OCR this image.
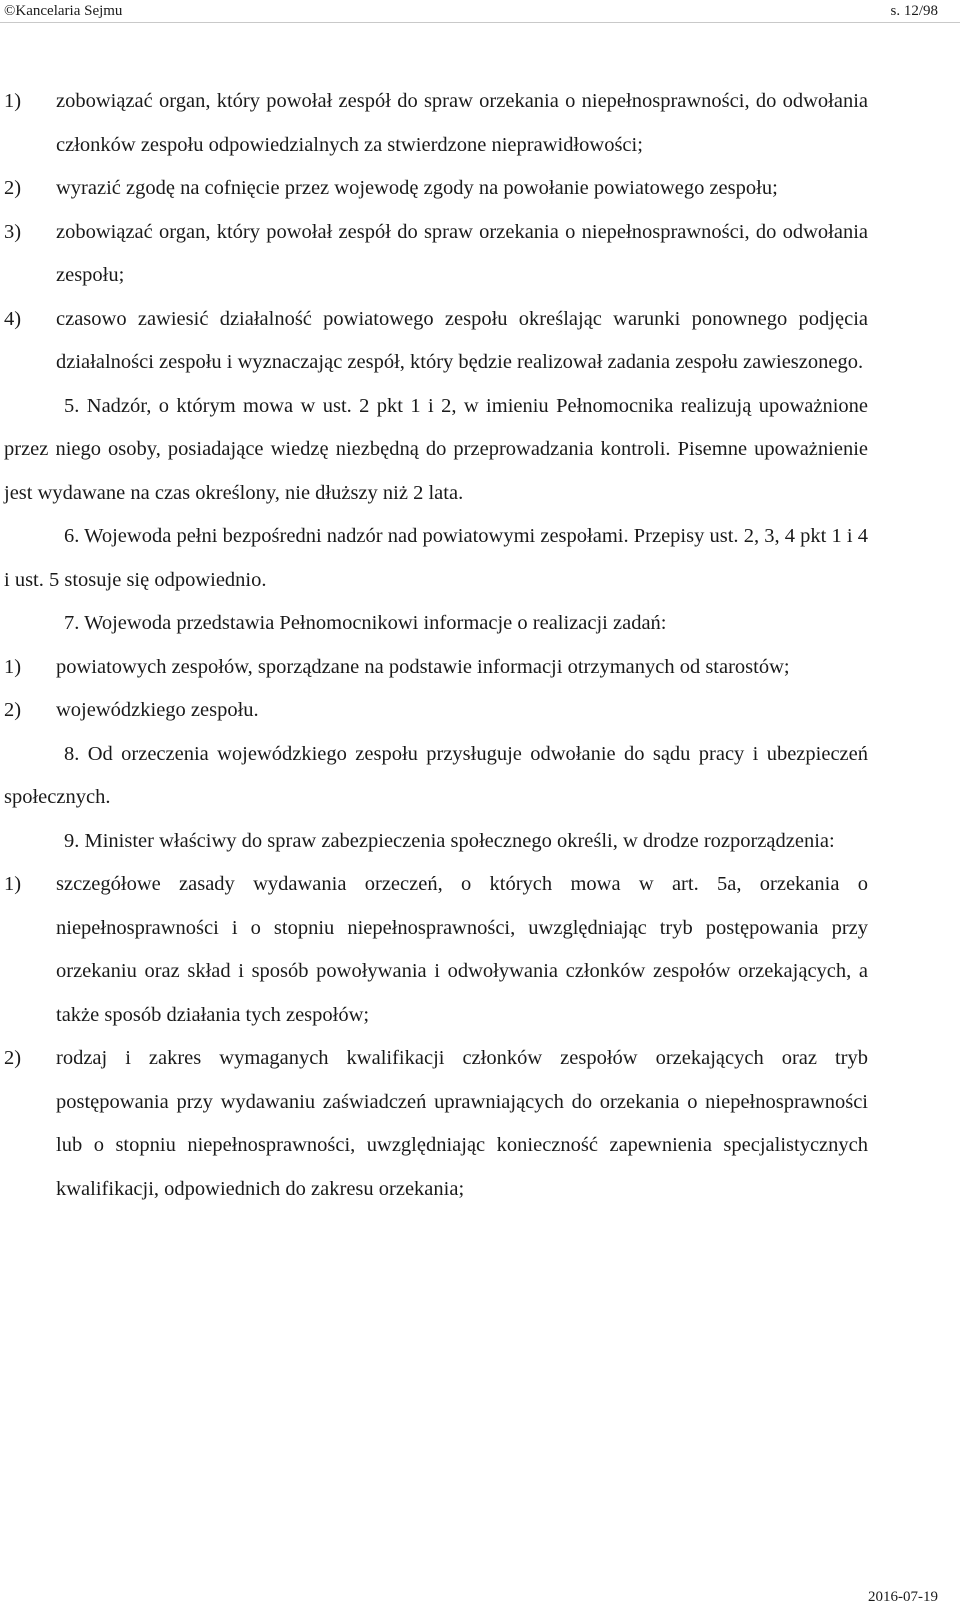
©Kancelaria Sejmu	s. 12/98
1) zobowiązać organ, który powołał zespół do spraw orzekania o niepełnosprawności, do odwołania członków zespołu odpowiedzialnych za stwierdzone nieprawidłowości;
2) wyrazić zgodę na cofnięcie przez wojewodę zgody na powołanie powiatowego zespołu;
3) zobowiązać organ, który powołał zespół do spraw orzekania o niepełnosprawności, do odwołania zespołu;
4) czasowo zawiesić działalność powiatowego zespołu określając warunki ponownego podjęcia działalności zespołu i wyznaczając zespół, który będzie realizował zadania zespołu zawieszonego.
5. Nadzór, o którym mowa w ust. 2 pkt 1 i 2, w imieniu Pełnomocnika realizują upoważnione przez niego osoby, posiadające wiedzę niezbędną do przeprowadzania kontroli. Pisemne upoważnienie jest wydawane na czas określony, nie dłuższy niż 2 lata.
6. Wojewoda pełni bezpośredni nadzór nad powiatowymi zespołami. Przepisy ust. 2, 3, 4 pkt 1 i 4 i ust. 5 stosuje się odpowiednio.
7. Wojewoda przedstawia Pełnomocnikowi informacje o realizacji zadań:
1) powiatowych zespołów, sporządzane na podstawie informacji otrzymanych od starostów;
2) wojewódzkiego zespołu.
8. Od orzeczenia wojewódzkiego zespołu przysługuje odwołanie do sądu pracy i ubezpieczeń społecznych.
9. Minister właściwy do spraw zabezpieczenia społecznego określi, w drodze rozporządzenia:
1) szczegółowe zasady wydawania orzeczeń, o których mowa w art. 5a, orzekania o niepełnosprawności i o stopniu niepełnosprawności, uwzględniając tryb postępowania przy orzekaniu oraz skład i sposób powoływania i odwoływania członków zespołów orzekających, a także sposób działania tych zespołów;
2) rodzaj i zakres wymaganych kwalifikacji członków zespołów orzekających oraz tryb postępowania przy wydawaniu zaświadczeń uprawniających do orzekania o niepełnosprawności lub o stopniu niepełnosprawności, uwzględniając konieczność zapewnienia specjalistycznych kwalifikacji, odpowiednich do zakresu orzekania;
2016-07-19
